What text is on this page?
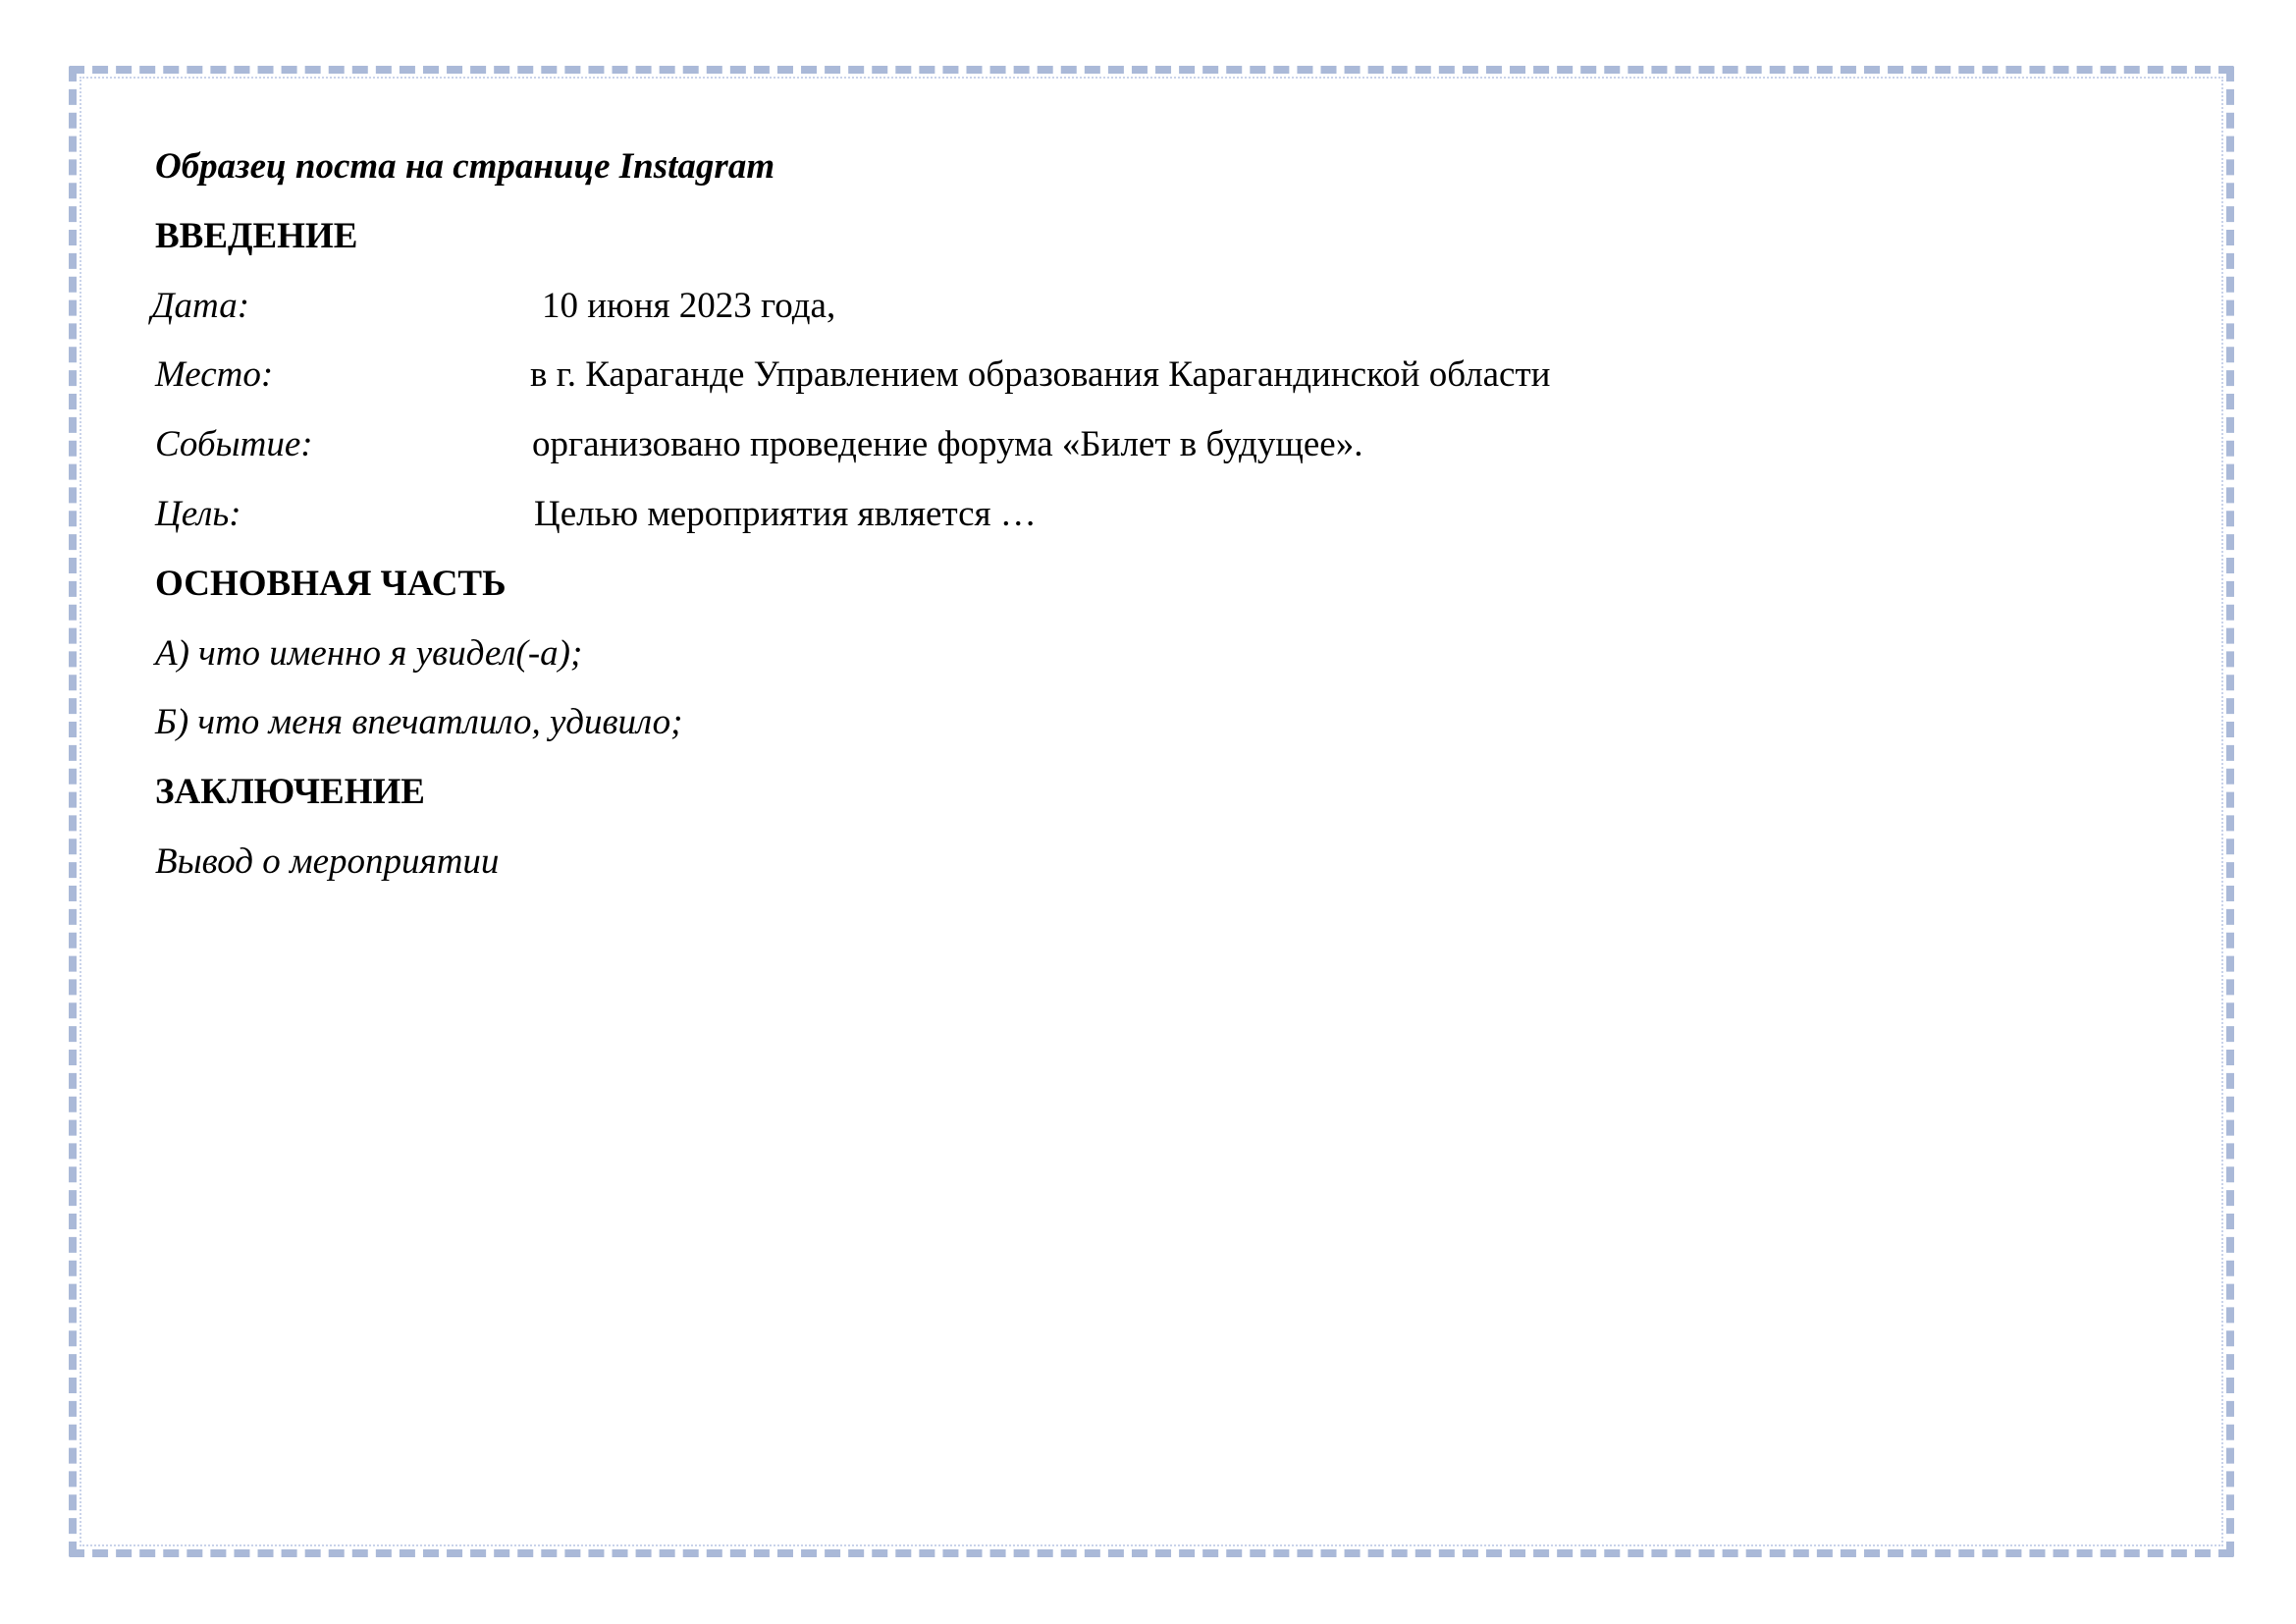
Образец поста на странице Instagram
ВВЕДЕНИЕ
Дата:	10 июня 2023 года,
Место:	в г. Караганде Управлением образования Карагандинской области
Событие:	организовано проведение форума «Билет в будущее».
Цель:	Целью мероприятия является …
ОСНОВНАЯ ЧАСТЬ
А) что именно я увидел(-а);
Б) что меня впечатлило, удивило;
ЗАКЛЮЧЕНИЕ
Вывод о мероприятии
